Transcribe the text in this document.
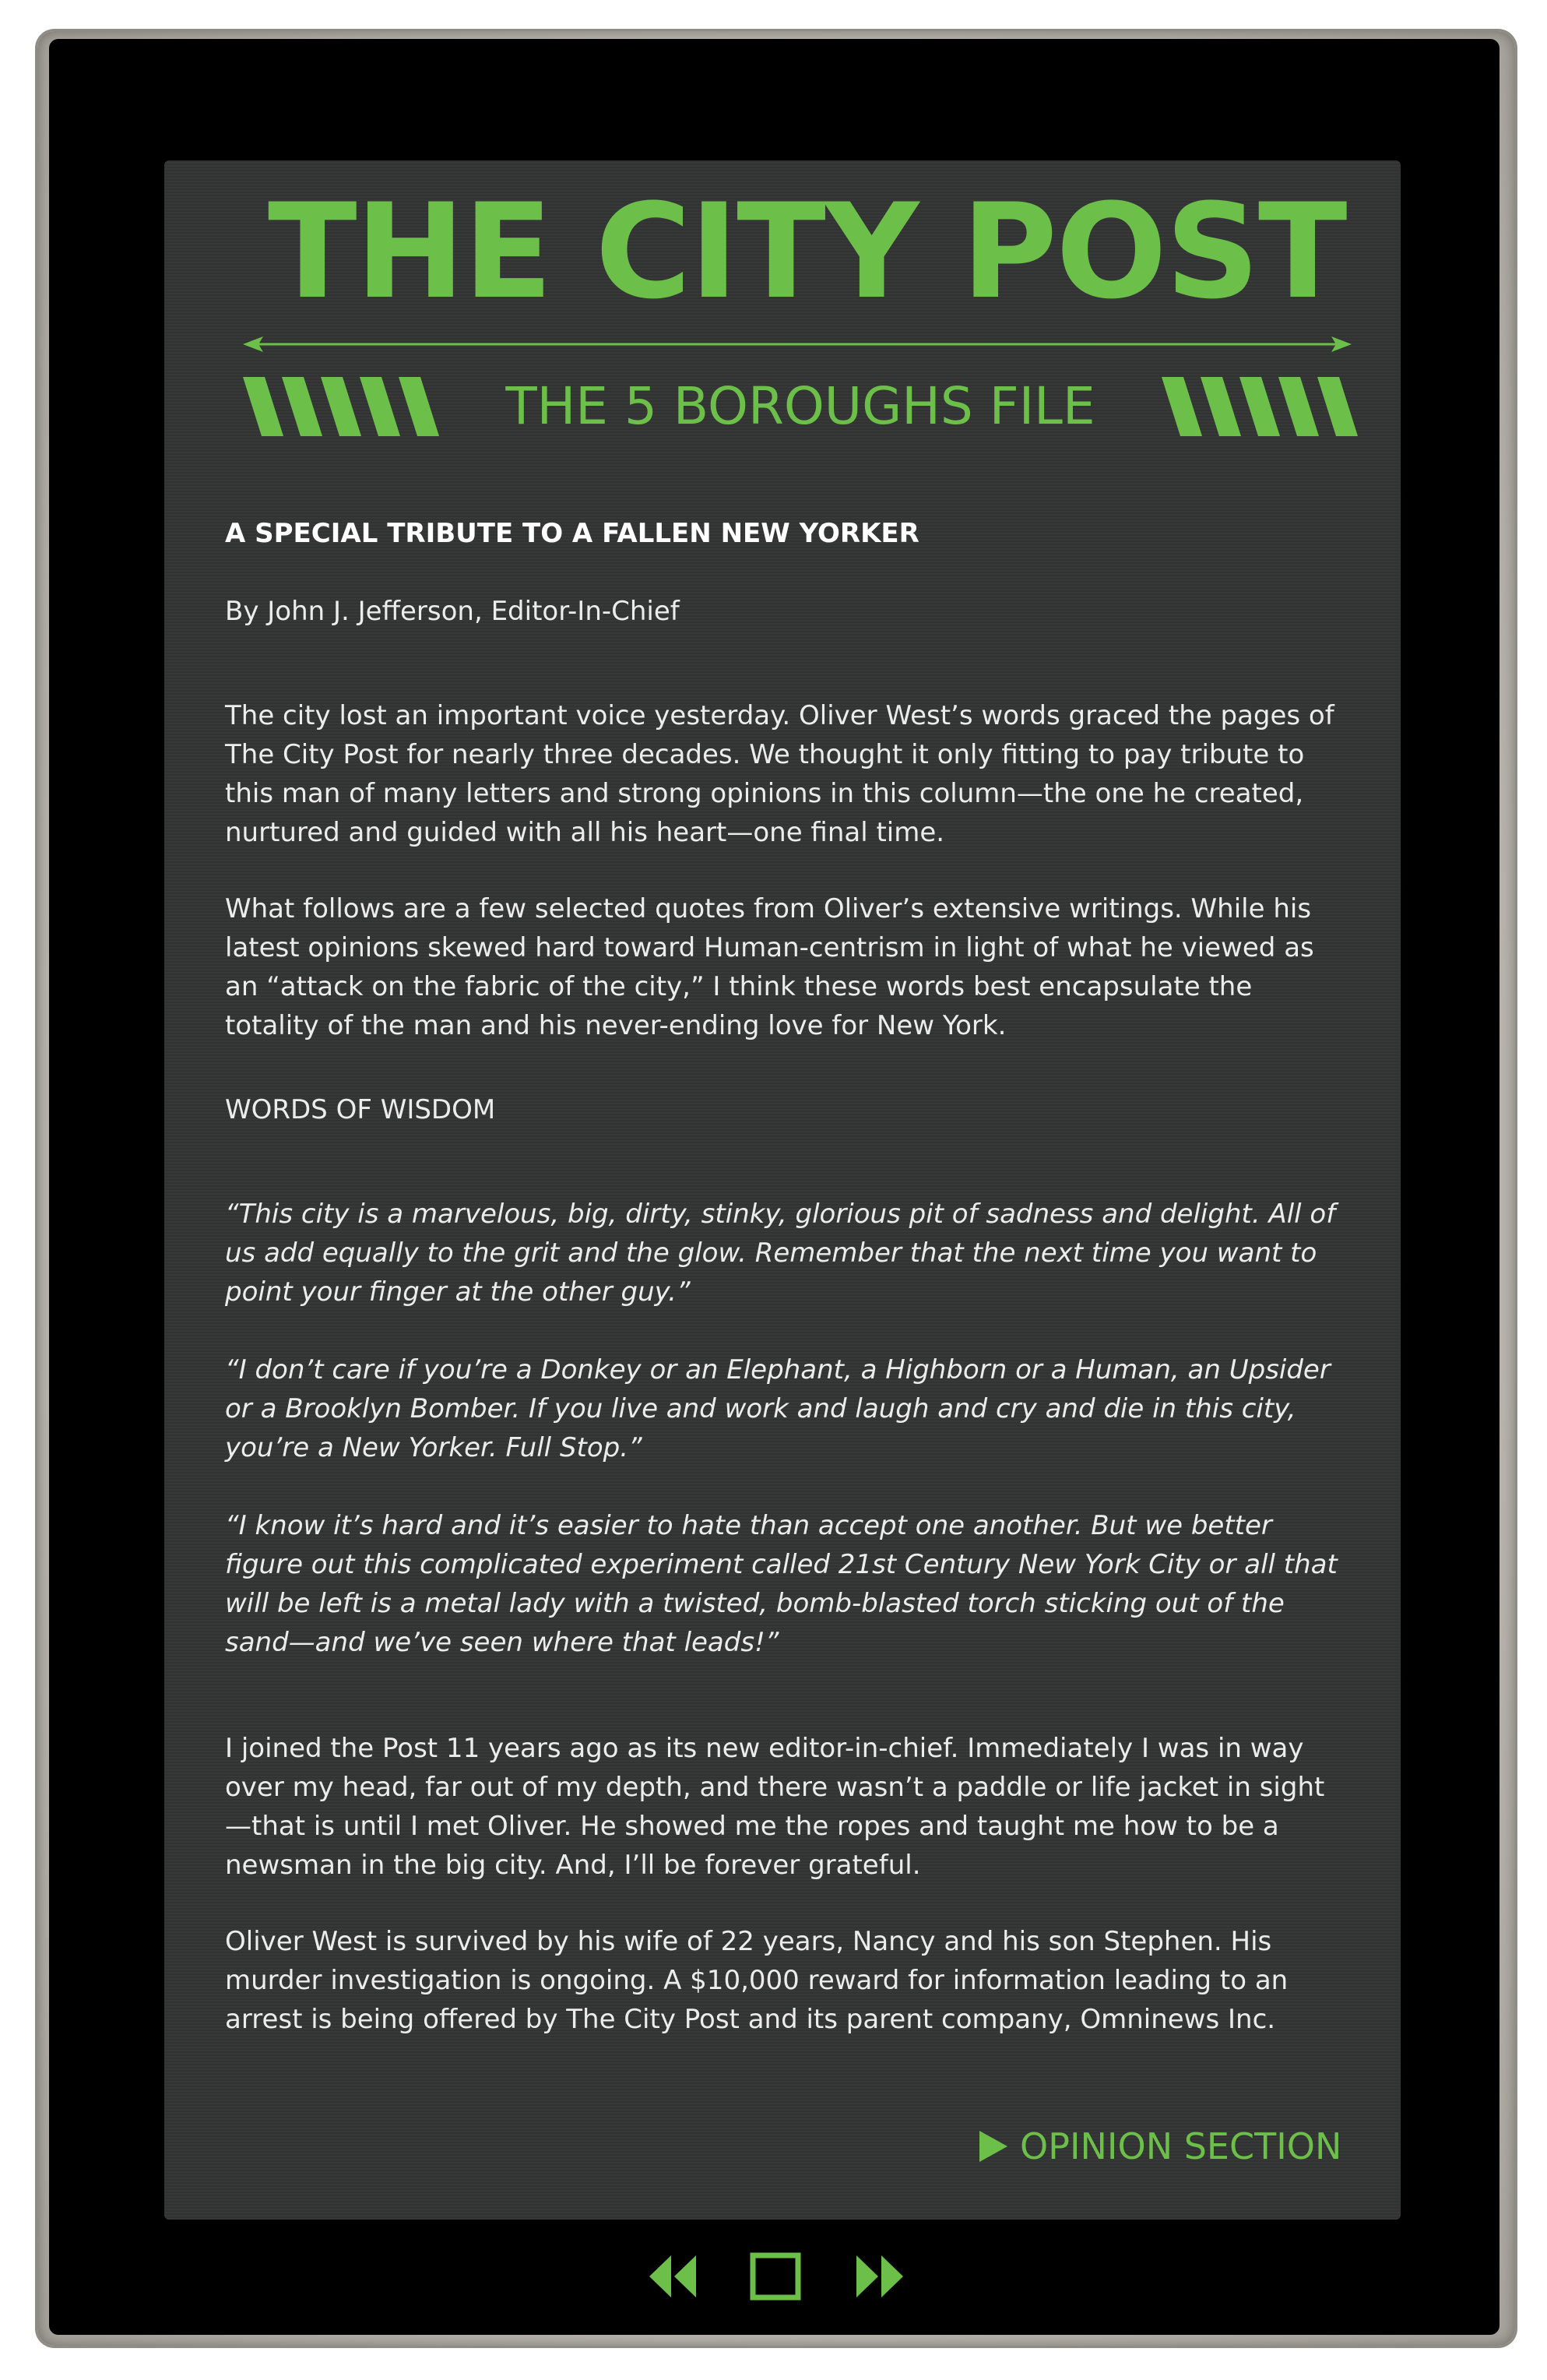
THE CITY POST
THE 5 BOROUGHS FILE
A SPECIAL TRIBUTE TO A FALLEN NEW YORKER
By John J. Jefferson, Editor-In-Chief

The city lost an important voice yesterday. Oliver West’s words graced the pages of The City Post for nearly three decades. We thought it only fitting to pay tribute to this man of many letters and strong opinions in this column—the one he created, nurtured and guided with all his heart—one final time.

What follows are a few selected quotes from Oliver’s extensive writings. While his latest opinions skewed hard toward Human-centrism in light of what he viewed as an “attack on the fabric of the city,” I think these words best encapsulate the totality of the man and his never-ending love for New York.

WORDS OF WISDOM

“This city is a marvelous, big, dirty, stinky, glorious pit of sadness and delight. All of us add equally to the grit and the glow. Remember that the next time you want to point your finger at the other guy.”

“I don’t care if you’re a Donkey or an Elephant, a Highborn or a Human, an Upsider or a Brooklyn Bomber. If you live and work and laugh and cry and die in this city, you’re a New Yorker. Full Stop.”

“I know it’s hard and it’s easier to hate than accept one another. But we better figure out this complicated experiment called 21st Century New York City or all that will be left is a metal lady with a twisted, bomb-blasted torch sticking out of the sand—and we’ve seen where that leads!”

I joined the Post 11 years ago as its new editor-in-chief. Immediately I was in way over my head, far out of my depth, and there wasn’t a paddle or life jacket in sight—that is until I met Oliver. He showed me the ropes and taught me how to be a newsman in the big city. And, I’ll be forever grateful.

Oliver West is survived by his wife of 22 years, Nancy and his son Stephen. His murder investigation is ongoing. A $10,000 reward for information leading to an arrest is being offered by The City Post and its parent company, Omninews Inc.

OPINION SECTION
